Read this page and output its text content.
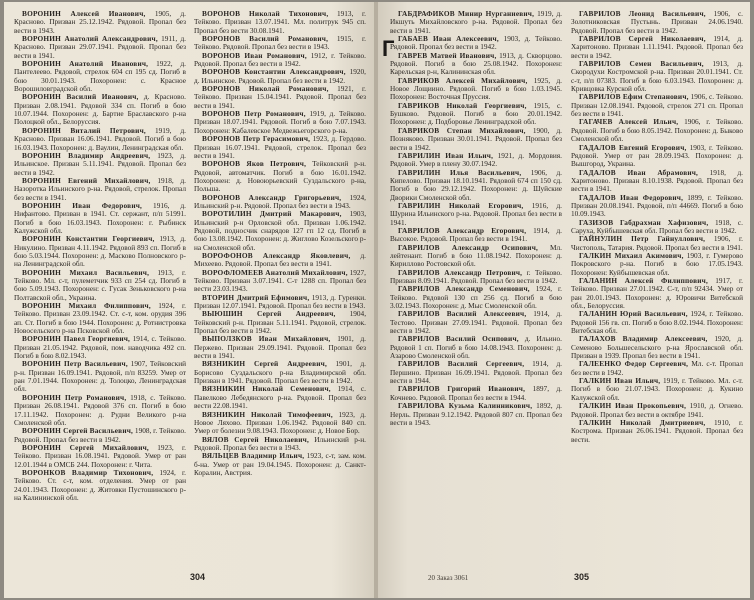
ВОРОНИН Алексей Иванович, 1905, д. Красново. Призван 25.12.1942. Рядовой. Пропал без вести в 1943.

ВОРОНИН Анатолий Александрович, 1911, д. Красново. Призван 29.07.1941. Рядовой. Пропал без вести в 1941.

ВОРОНИН Анатолий Иванович, 1922, д. Пантелеево. Рядовой, стрелок 604 сп 195 сд. Погиб в бою 30.01.1943. Похоронен: с. Красное Ворошиловградской обл.

ВОРОНИН Василий Иванович, д. Красново. Призван 2.08.1941. Рядовой 334 сп. Погиб в бою 10.07.1944. Похоронен: д. Бартие Браславского р-на Полоцкой обл., Белоруссия.

ВОРОНИН Виталий Петрович, 1919, д. Красново. Призван 16.06.1941. Рядовой. Погиб в бою 16.03.1943. Похоронен: д. Ваулин, Ленинградская обл.

ВОРОНИН Владимир Андреевич, 1923, д. Ильинское. Призван 5.11.1941. Рядовой. Пропал без вести в 1942.

ВОРОНИН Евгений Михайлович, 1918, д. Назоротка Ильинского р-на. Рядовой, стрелок. Пропал без вести в 1941.

ВОРОНИН Иван Федорович, 1916, д. Нифантово. Призван в 1941. Ст. сержант, п/п 51991. Погиб в бою 16.03.1943. Похоронен: г. Рыбинск Калужской обл.

ВОРОНИН Константин Георгиевич, 1913, д. Никулино. Призван 4.11.1942. Рядовой 893 сп. Погиб в бою 5.03.1944. Похоронен: д. Масково Полновского р-на Ленинградской обл.

ВОРОНИН Михаил Васильевич, 1913, г. Тейково. Мл. с-т, пулеметчик 933 сп 254 сд. Погиб в бою 5.09.1943. Похоронен: с. Гусак Зеньковского р-на Полтавской обл., Украина.

ВОРОНИН Михаил Филиппович, 1924, г. Тейково. Призван 23.09.1942. Ст. с-т, ком. орудия 396 ап. Ст. Погиб в бою 1944. Похоронен: д. Ротнистровка Новосельского р-на Псковской обл.

ВОРОНИН Павел Георгиевич, 1914, с. Тейково. Призван 21.05.1942. Рядовой, пом. наводчика 492 сп. Погиб в бою 8.02.1943.

ВОРОНИН Петр Васильевич, 1907, Тейковский р-н. Призван 16.09.1941. Рядовой, п/п 83259. Умер от ран 7.01.1944. Похоронен: д. Толоцко, Ленинградская обл.

ВОРОНИН Петр Романович, 1918, с. Тейково. Призван 26.08.1941. Рядовой 376 сп. Погиб в бою 17.11.1942. Похоронен: д. Рудни Великого р-на Смоленской обл.

ВОРОНИН Сергей Васильевич, 1908, г. Тейково. Рядовой. Пропал без вести в 1942.

ВОРОНИН Сергей Михайлович, 1923, г. Тейково. Призван 16.08.1941. Рядовой. Умер от ран 12.01.1944 в ОМСБ 244. Похоронен: г. Чита.

ВОРОНКОВ Владимир Тихонович, 1924, г. Тейково. Ст. с-т, ком. отделения. Умер от ран 24.01.1943. Похоронен: д. Житовки Пустошинского р-на Калининской обл.

ВОРОНОВ Николай Тихонович, 1913, г. Тейково. Призван 13.07.1941. Мл. политрук 945 сп. Пропал без вести 30.08.1941.

ВОРОНОВ Василий Романович, 1915, г. Тейково. Рядовой. Пропал без вести в 1943.

ВОРОНОВ Иван Романович, 1912, г. Тейково. Рядовой. Пропал без вести в 1942.

ВОРОНОВ Константин Александрович, 1920, д. Ильинское. Рядовой. Пропал без вести в 1942.

ВОРОНОВ Николай Романович, 1921, г. Тейково. Призван 15.04.1941. Рядовой. Пропал без вести в 1941.

ВОРОНОВ Петр Романович, 1919, д. Тейково. Призван 18.07.1941. Рядовой. Погиб в бою 7.07.1943. Похоронен: Кабалевское Медвежьегорского р-на.

ВОРОНОВ Петр Герасимович, 1923, д. Гердово. Призван 16.07.1941. Рядовой, стрелок. Пропал без вести в 1941.

ВОРОНОВ Яков Петрович, Тейковский р-н. Рядовой, автоматчик. Погиб в бою 16.01.1942. Похоронен: д. Новоюрьевский Суздальского р-на, Польша.

ВОРОНОВ Александр Григорьевич, 1924, Ильинский р-н. Рядовой. Пропал без вести в 1943.

ВОРОТИЛИН Дмитрий Макарович, 1903, Ильинский р-н Орловской обл. Призван 1.06.1942. Рядовой, подносчик снарядов 127 гп 12 сд. Погиб в бою 13.08.1942. Похоронен: д. Жиглово Козельского р-на Смоленской обл.

ВОРОФОНОВ Александр Яковлевич, д. Михеево. Рядовой. Пропал без вести в 1941.

ВОРОФЛОМЕЕВ Анатолий Михайлович, 1927, Тейково. Призван 3.07.1941. С-т 1288 сп. Пропал без вести 23.03.1943.

ВТОРИН Дмитрий Ефимович, 1913, д. Гуренки. Призван 12.07.1941. Рядовой. Пропал без вести в 1943.

ВЫЮШИН Сергей Андреевич, 1904, Тейковский р-н. Призван 5.11.1941. Рядовой, стрелок. Пропал без вести в 1942.

ВЫПОЛЗКОВ Иван Михайлович, 1901, д. Пержево. Призван 29.09.1941. Рядовой. Пропал без вести в 1941.

ВЯЗНИКИН Сергей Андреевич, 1901, д. Борисово Суздальского р-на Владимирской обл. Призван в 1941. Рядовой. Пропал без вести в 1942.

ВЯЗНИКИН Николай Семенович, 1914, с. Павелково Лебедянского р-на. Рядовой. Пропал без вести 22.08.1941.

ВЯЗНИКИН Николай Тимофеевич, 1923, д. Новое Ляхово. Призван 1.06.1942. Рядовой 840 сп. Умер от болезни 9.08.1943. Похоронен: д. Новое Бор.

ВЯЛОВ Сергей Николаевич, Ильинский р-н. Рядовой. Пропал без вести в 1943.

ВЯЛЬЦЕВ Владимир Ильич, 1923, с-т, зам. ком. б-на. Умер от ран 19.04.1945. Похоронен: д. Санкт-Коралин, Австрия.

304
Г

ГАБДРАФИКОВ Минир Нурганиевич, 1919, д. Икшуть Михайловского р-на. Рядовой. Пропал без вести в 1941.

ГАБАЕВ Иван Алексеевич, 1903, д. Тейково. Рядовой. Пропал без вести в 1942.

ГАВРЕВ Матвей Иванович, 1913, д. Скворцово. Рядовой. Погиб в бою 25.08.1942. Похоронен: Карельская р-н, Калининская обл.

ГАВРИКОВ Алексей Михайлович, 1925, д. Новое Лощиино. Рядовой. Погиб в бою 1.03.1945. Похоронен: Восточная Пруссия.

ГАВРИКОВ Николай Георгиевич, 1915, с. Бушково. Рядовой. Погиб в бою 20.01.1942. Похоронен: д. Подборовье Ленинградской обл.

ГАВРИКОВ Степан Михайлович, 1900, д. Позняково. Призван 30.01.1941. Рядовой. Пропал без вести в 1942.

ГАВРИЛИН Иван Ильич, 1921, д. Мордовия. Рядовой. Умер в плену 30.07.1942.

ГАВРИЛИН Илья Васильевич, 1906, д. Кипелово. Призван 18.10.1941. Рядовой 674 сп 150 сд. Погиб в бою 29.12.1942. Похоронен: д. Шуйские Дворики Смоленской обл.

ГАВРИЛИН Николай Егорович, 1916, д. Шурина Ильинского р-на. Рядовой. Пропал без вести в 1941.

ГАВРИЛОВ Александр Егорович, 1914, д. Высокое. Рядовой. Пропал без вести в 1941.

ГАВРИЛОВ Александр Осипович, Мл. лейтенант. Погиб в бою 11.08.1942. Похоронен: д. Кириллово Ростовской обл.

ГАВРИЛОВ Александр Петрович, г. Тейково. Призван 8.09.1941. Рядовой. Пропал без вести в 1942.

ГАВРИЛОВ Александр Семенович, 1924, г. Тейково. Рядовой 130 сп 256 сд. Погиб в бою 3.02.1943. Похоронен: д. Мыс Смоленской обл.

ГАВРИЛОВ Василий Алексеевич, 1914, д. Тестово. Призван 27.09.1941. Рядовой. Пропал без вести в 1942.

ГАВРИЛОВ Василий Осипович, д. Ильино. Рядовой 1 сп. Погиб в бою 14.08.1943. Похоронен: д. Азарово Смоленской обл.

ГАВРИЛОВ Василий Сергеевич, 1914, д. Першино. Призван 16.09.1941. Рядовой. Пропал без вести в 1944.

ГАВРИЛОВ Григорий Иванович, 1897, д. Кочнево. Рядовой. Пропал без вести в 1944.

ГАВРИЛОВА Кузьма Калинникович, 1892, д. Нерль. Призван 9.12.1942. Рядовой 807 сп. Пропал без вести в 1943.

ГАВРИЛОВ Леонид Васильевич, 1906, с. Золотниковская Пустынь. Призван 24.06.1940. Рядовой. Пропал без вести в 1942.

ГАВРИЛОВ Сергей Николаевич, 1914, д. Харитоново. Призван 1.11.1941. Рядовой. Пропал без вести в 1942.

ГАВРИЛОВ Семен Васильевич, 1913, д. Скородухи Костромской р-на. Призван 20.01.1941. Ст. с-т, п/п 07383. Погиб в бою 6.03.1943. Похоронен: д. Кривцовка Курской обл.

ГАВРИЛОВ Ефим Степанович, 1906, с. Тейково. Призван 12.08.1941. Рядовой, стрелок 271 сп. Пропал без вести в 1941.

ГАГАЧЕВ Алексей Ильич, 1906, г. Тейково. Рядовой. Погиб в бою 8.05.1942. Похоронен: д. Быково Смоленской обл.

ГАДАЛОВ Евгений Егорович, 1903, г. Тейково. Рядовой. Умер от ран 28.09.1943. Похоронен: д. Вышгород, Украина.

ГАДАЛОВ Иван Абрамович, 1918, д. Харитоново. Призван 8.10.1938. Рядовой. Пропал без вести в 1941.

ГАДАЛОВ Иван Федорович, 1899, г. Тейково. Призван 20.08.1941. Рядовой, п/п 44669. Погиб в бою 10.09.1943.

ГАЗИЗОВ Габдрахман Хафизович, 1918, с. Саруха, Куйбышевская обл. Пропал без вести в 1942.

ГАЙНУЛИН Петр Гайнуллович, 1906, г. Чистополь, Татария. Рядовой. Пропал без вести в 1941.

ГАЛКИН Михаил Акимович, 1903, г. Гумерово Покровского р-на. Погиб в бою 17.05.1943. Похоронен: Куйбышевская обл.

ГАЛАНИН Алексей Филиппович, 1917, г. Тейково. Призван 27.01.1942. С-т, п/п 92434. Умер от ран 20.01.1943. Похоронен: д. Юровичи Витебской обл., Белоруссия.

ГАЛАНИН Юрий Васильевич, 1924, г. Тейково. Рядовой 156 гв. сп. Погиб в бою 8.02.1944. Похоронен: Витебская обл.

ГАЛАХОВ Владимир Алексеевич, 1920, д. Семеново Большесельского р-на Ярославской обл. Призван в 1939. Пропал без вести в 1941.

ГАЛЕЕНКО Федор Сергеевич, Мл. с-т. Пропал без вести в 1942.

ГАЛКИН Иван Ильич, 1919, г. Тейково. Мл. с-т. Погиб в бою 21.07.1943. Похоронен: д. Кукино Калужской обл.

ГАЛКИН Иван Прокопьевич, 1910, д. Огнево. Рядовой. Пропал без вести в октябре 1941.

ГАЛКИН Николай Дмитриевич, 1910, г. Кострома. Призван 26.06.1941. Рядовой. Пропал без вести.

20 Заказ 3061	305
